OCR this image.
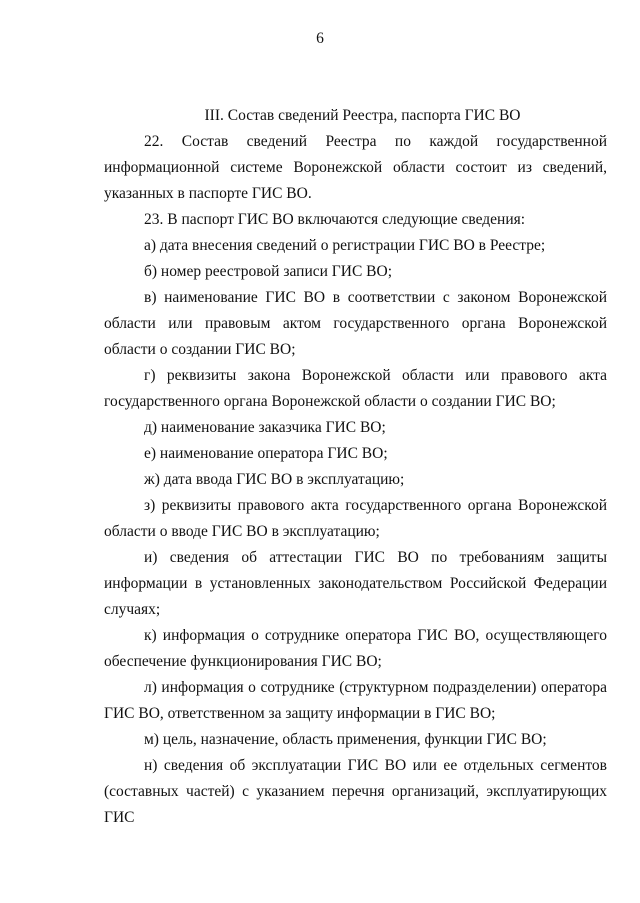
6
III. Состав сведений Реестра, паспорта ГИС ВО

22. Состав сведений Реестра по каждой государственной информационной системе Воронежской области состоит из сведений, указанных в паспорте ГИС ВО.

23. В паспорт ГИС ВО включаются следующие сведения:

а) дата внесения сведений о регистрации ГИС ВО в Реестре;

б) номер реестровой записи ГИС ВО;

в) наименование ГИС ВО в соответствии с законом Воронежской области или правовым актом государственного органа Воронежской области о создании ГИС ВО;

г) реквизиты закона Воронежской области или правового акта государственного органа Воронежской области о создании ГИС ВО;

д) наименование заказчика ГИС ВО;

е) наименование оператора ГИС ВО;

ж) дата ввода ГИС ВО в эксплуатацию;

з) реквизиты правового акта государственного органа Воронежской области о вводе ГИС ВО в эксплуатацию;

и) сведения об аттестации ГИС ВО по требованиям защиты информации в установленных законодательством Российской Федерации случаях;

к) информация о сотруднике оператора ГИС ВО, осуществляющего обеспечение функционирования ГИС ВО;

л) информация о сотруднике (структурном подразделении) оператора ГИС ВО, ответственном за защиту информации в ГИС ВО;

м) цель, назначение, область применения, функции ГИС ВО;

н) сведения об эксплуатации ГИС ВО или ее отдельных сегментов (составных частей) с указанием перечня организаций, эксплуатирующих ГИС
